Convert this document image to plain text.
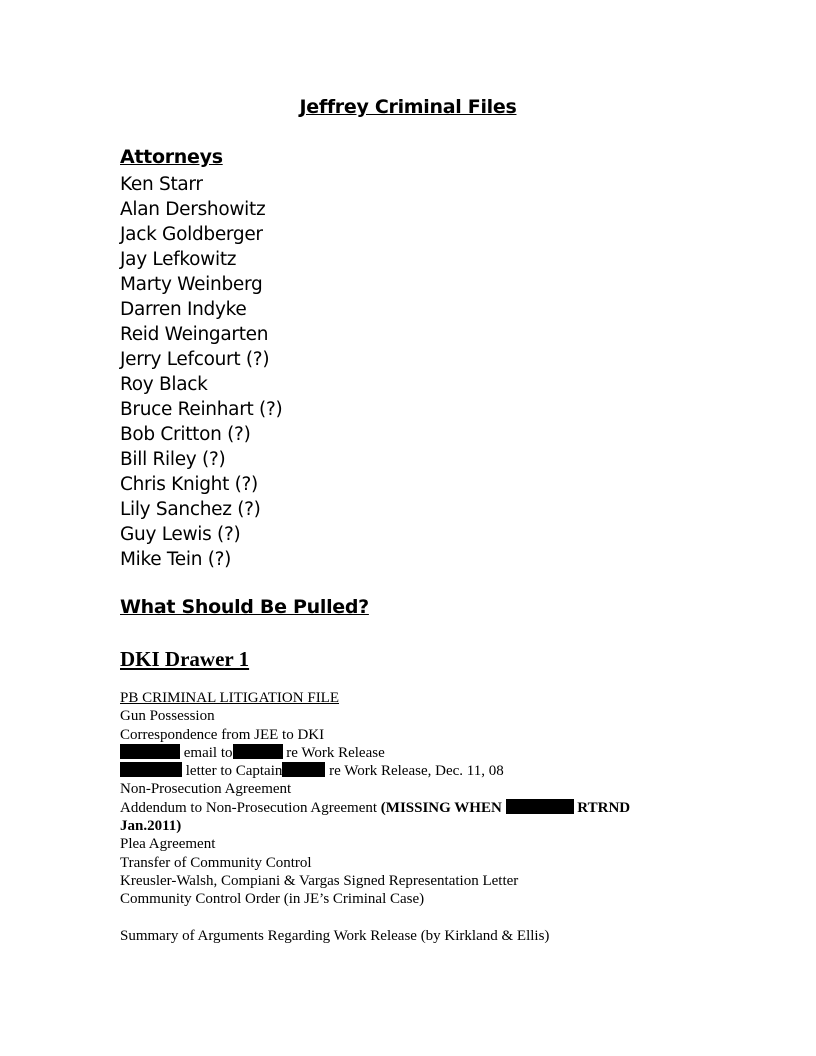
Jeffrey Criminal Files
Attorneys
Ken Starr
Alan Dershowitz
Jack Goldberger
Jay Lefkowitz
Marty Weinberg
Darren Indyke
Reid Weingarten
Jerry Lefcourt (?)
Roy Black
Bruce Reinhart (?)
Bob Critton (?)
Bill Riley (?)
Chris Knight (?)
Lily Sanchez (?)
Guy Lewis (?)
Mike Tein (?)
What Should Be Pulled?
DKI Drawer 1
PB CRIMINAL LITIGATION FILE
Gun Possession
Correspondence from JEE to DKI
email to	re Work Release
letter to Captain	re Work Release, Dec. 11, 08
Non-Prosecution Agreement
Addendum to Non-Prosecution Agreement (MISSING WHEN	RTRND
Jan.2011)
Plea Agreement
Transfer of Community Control
Kreusler-Walsh, Compiani & Vargas Signed Representation Letter
Community Control Order (in JE’s Criminal Case)
Summary of Arguments Regarding Work Release (by Kirkland & Ellis)
